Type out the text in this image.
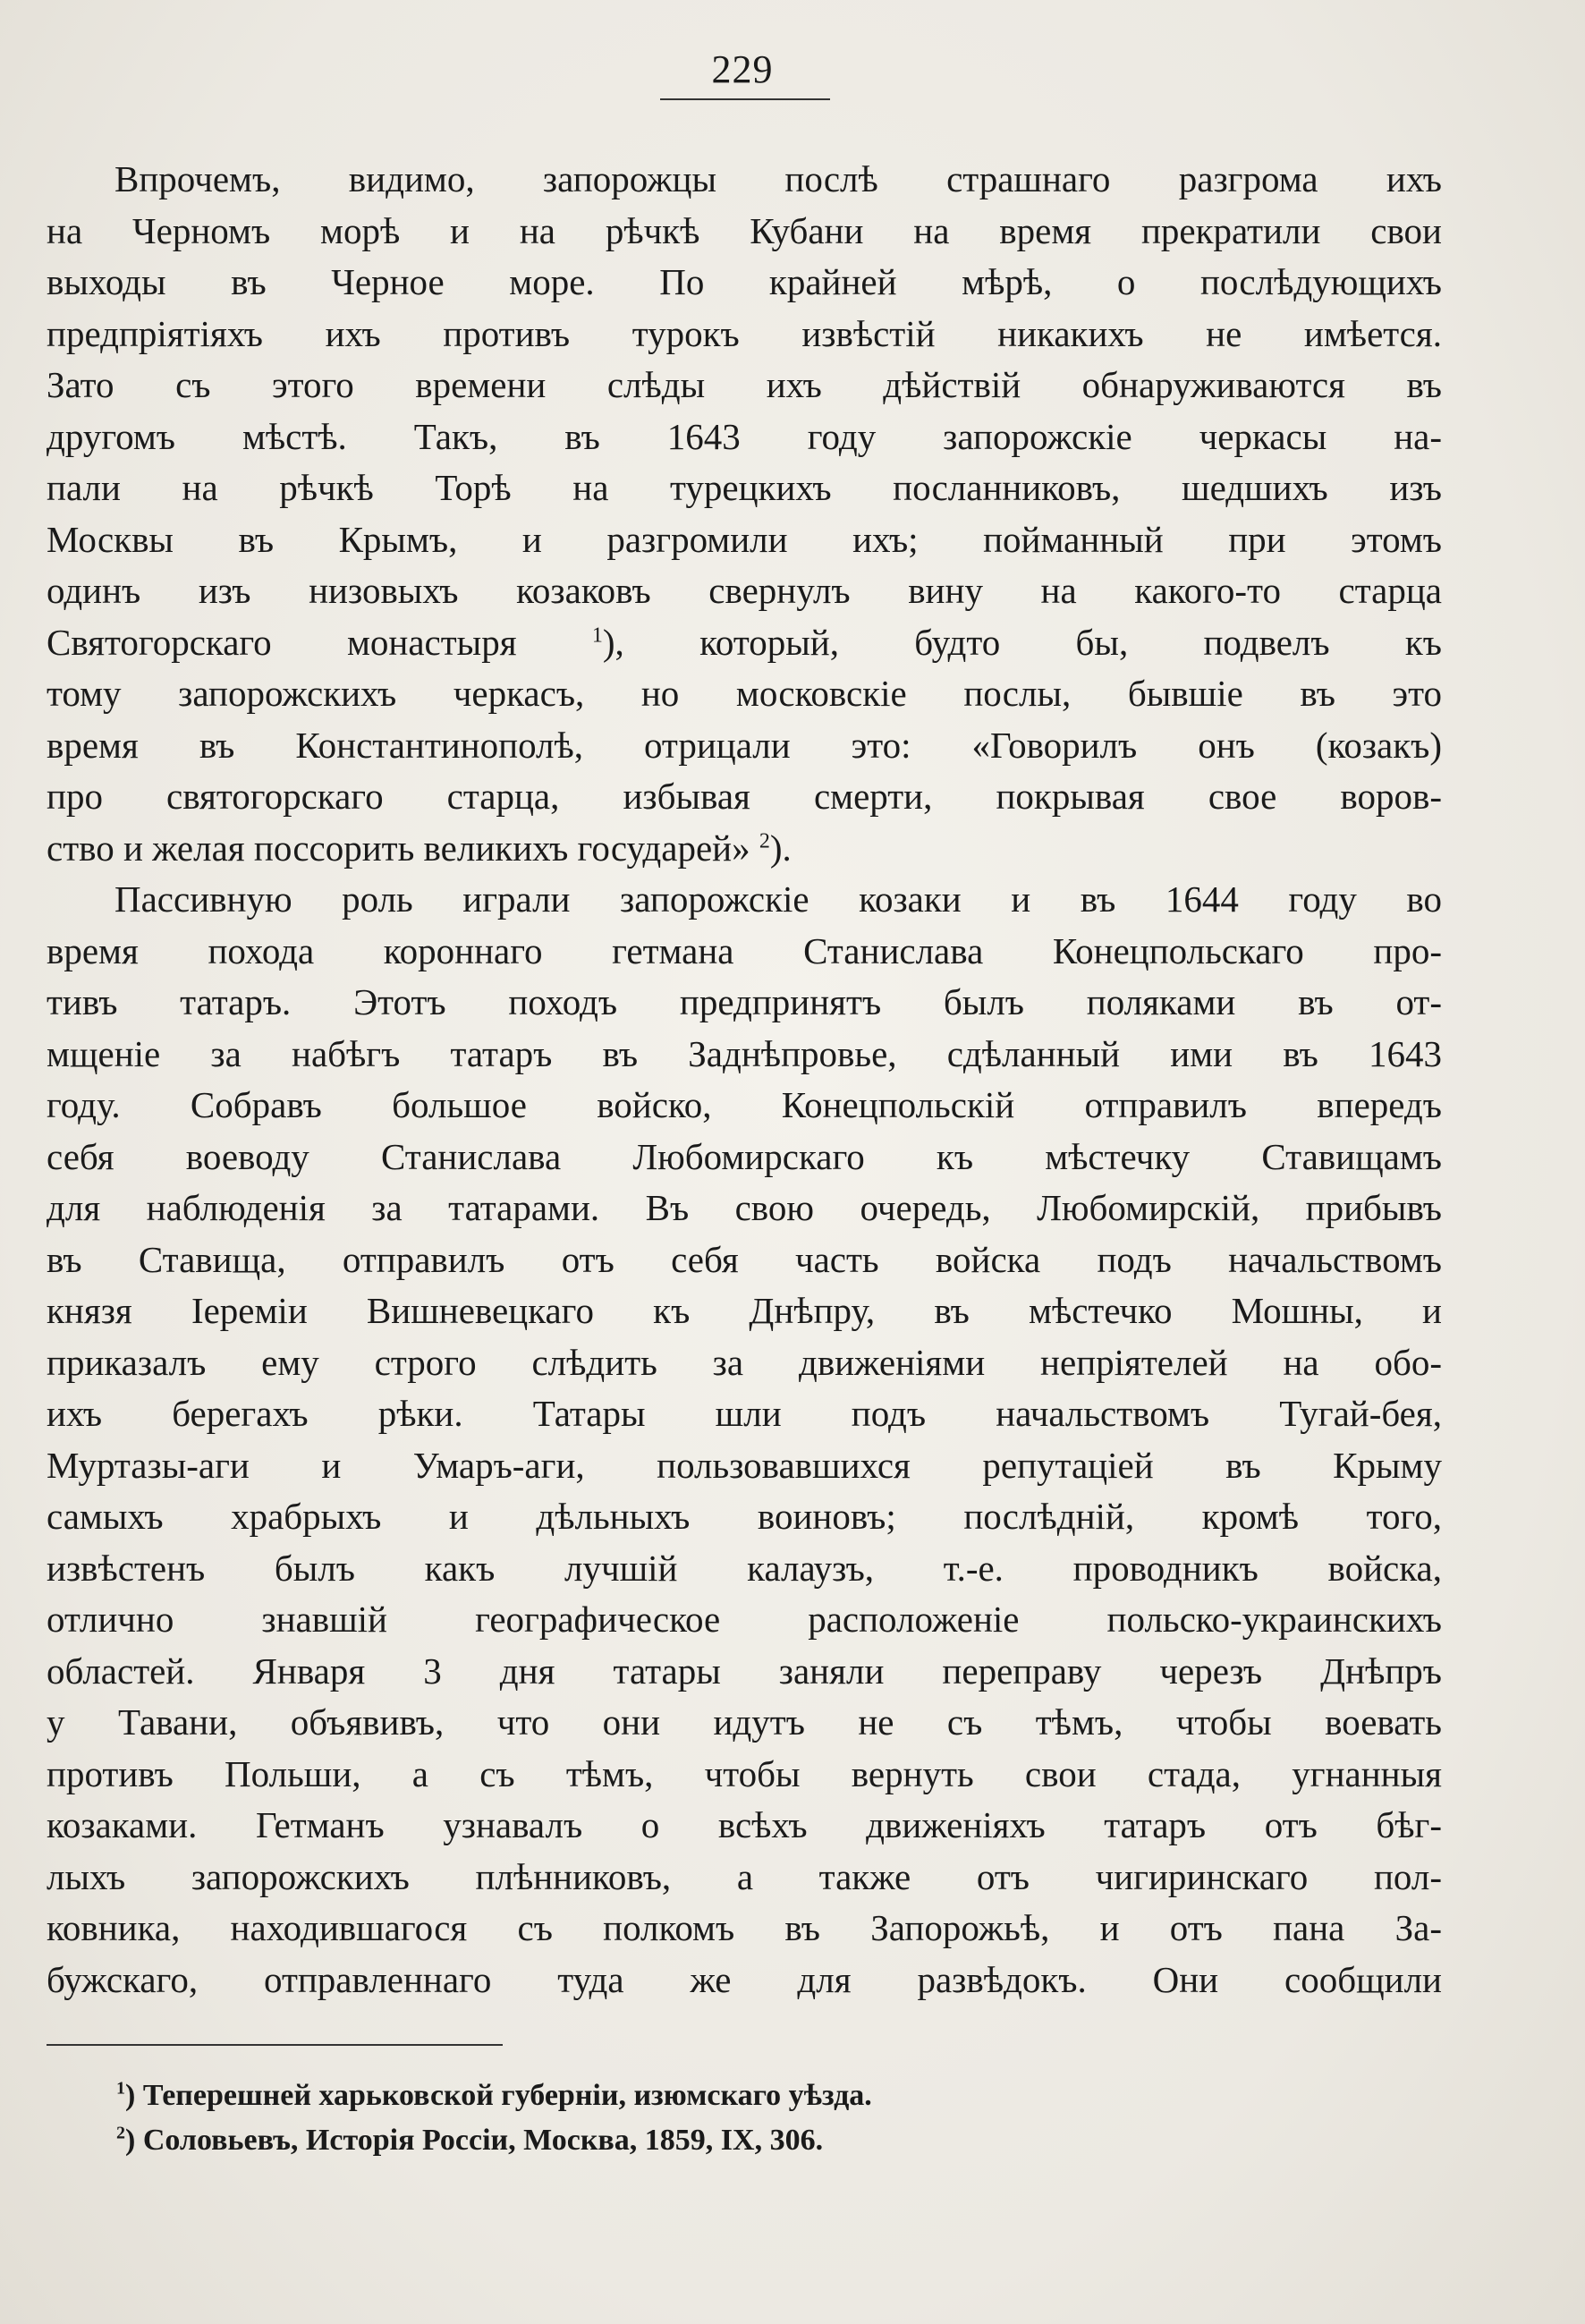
229
Впрочемъ, видимо, запорожцы послѣ страшнаго разгрома ихъ
на Черномъ морѣ и на рѣчкѣ Кубани на время прекратили свои
выходы въ Черное море. По крайней мѣрѣ, о послѣдующихъ
предпріятіяхъ ихъ противъ турокъ извѣстій никакихъ не имѣется.
Зато съ этого времени слѣды ихъ дѣйствій обнаруживаются въ
другомъ мѣстѣ. Такъ, въ 1643 году запорожскіе черкасы на-
пали на рѣчкѣ Торѣ на турецкихъ посланниковъ, шедшихъ изъ
Москвы въ Крымъ, и разгромили ихъ; пойманный при этомъ
одинъ изъ низовыхъ козаковъ свернулъ вину на какого-то старца
Святогорскаго монастыря	$^1$), который, будто бы, подвелъ къ
тому запорожскихъ черкасъ, но московскіе послы, бывшіе въ это
время въ Константинополѣ, отрицали это: «Говорилъ онъ (козакъ)
про святогорскаго старца, избывая смерти, покрывая свое воров-
ство и желая поссорить великихъ государей» $^2$).
Пассивную роль играли запорожскіе козаки и въ 1644 году во
время похода короннаго гетмана Станислава Конецпольскаго про-
тивъ татаръ. Этотъ походъ предпринятъ былъ поляками въ от-
мщеніе за набѣгъ татаръ въ Заднѣпровье, сдѣланный ими въ 1643
году. Собравъ большое войско, Конецпольскій отправилъ впередъ
себя воеводу Станислава Любомирскаго къ мѣстечку Ставищамъ
для наблюденія за татарами. Въ свою очередь, Любомирскій, прибывъ
въ Ставища, отправилъ отъ себя часть войска подъ начальствомъ
князя Іереміи Вишневецкаго къ Днѣпру, въ мѣстечко Мошны, и
приказалъ ему строго слѣдить за движеніями непріятелей на обо-
ихъ берегахъ рѣки. Татары шли подъ начальствомъ Тугай-бея,
Муртазы-аги и Умаръ-аги, пользовавшихся репутаціей въ Крыму
самыхъ храбрыхъ и дѣльныхъ воиновъ; послѣдній, кромѣ того,
извѣстенъ былъ какъ лучшій калаузъ, т.-е. проводникъ войска,
отлично знавшій географическое расположеніе польско-украинскихъ
областей. Января 3 дня татары заняли переправу черезъ Днѣпръ
у Тавани, объявивъ, что они идутъ не съ тѣмъ, чтобы воевать
противъ Польши, а съ тѣмъ, чтобы вернуть свои стада, угнанныя
козаками. Гетманъ узнавалъ о всѣхъ движеніяхъ татаръ отъ бѣг-
лыхъ запорожскихъ плѣнниковъ, а также отъ чигиринскаго пол-
ковника, находившагося съ полкомъ въ Запорожьѣ, и отъ пана За-
бужскаго, отправленнаго туда же для развѣдокъ. Они сообщили
$^1$) Теперешней харьковской губерніи, изюмскаго уѣзда.
$^2$) Соловьевъ, Исторія Россіи, Москва, 1859, IX, 306.
